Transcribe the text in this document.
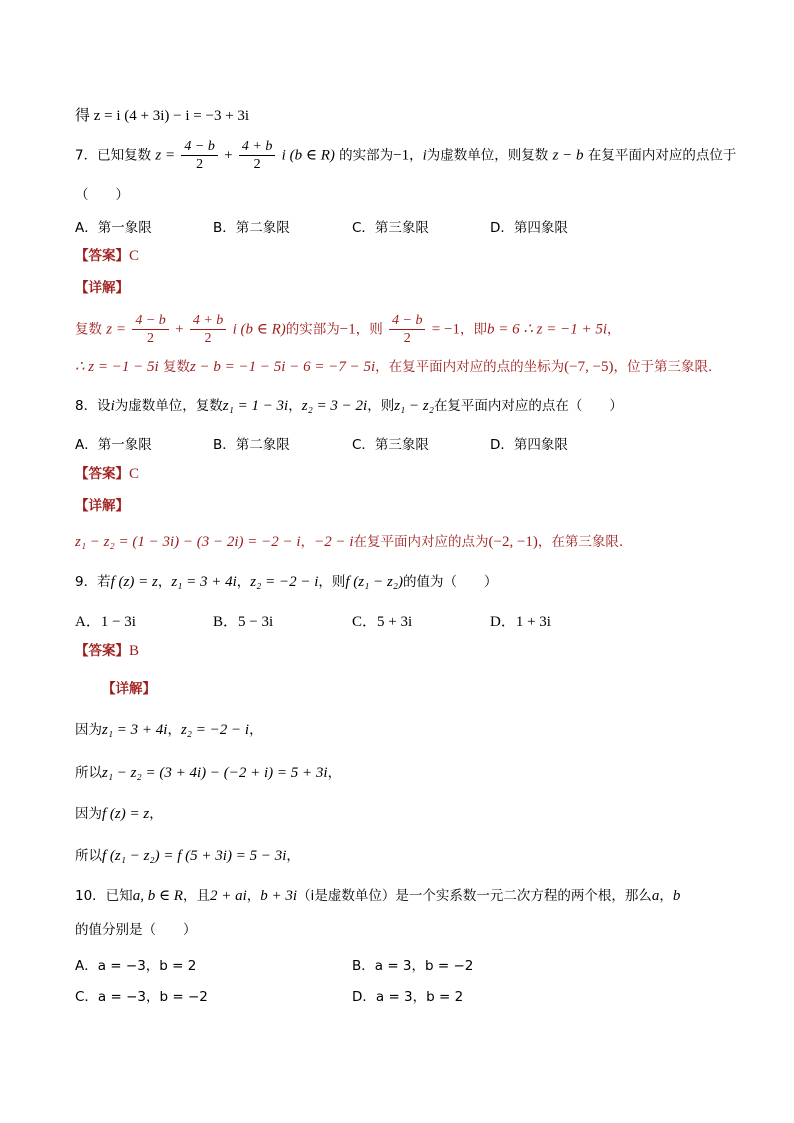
得 z = i (4 + 3i) − i = −3 + 3i
7．已知复数 $z = \frac{4 - b}{2} + \frac{4 + b}{2}$ i (b ∈ R) 的实部为−1，i为虚数单位，则复数 z − b 在复平面内对应的点位于
（　　）
A．第一象限	B．第二象限	C．第三象限	D．第四象限
【答案】C
【详解】
复数 $z = \frac{4 - b}{2} + \frac{4 + b}{2}$ i (b ∈ R)的实部为−1，则 $\frac{4 - b}{2} = -1$，即b = 6 ∴ z = −1 + 5i，
∴ z = −1 − 5i 复数z − b = −1 − 5i − 6 = −7 − 5i，在复平面内对应的点的坐标为(−7, −5)，位于第三象限.
8．设i为虚数单位，复数z₁ = 1 − 3i，z₂ = 3 − 2i，则z₁ − z₂在复平面内对应的点在（　　）
A．第一象限	B．第二象限	C．第三象限	D．第四象限
【答案】C
【详解】
z₁ − z₂ = (1 − 3i) − (3 − 2i) = −2 − i，−2 − i在复平面内对应的点为(−2, −1)，在第三象限.
9．若f (z) = z，z₁ = 3 + 4i，z₂ = −2 − i，则f (z₁ − z₂)的值为（　　）
A．1 − 3i	B．5 − 3i	C．5 + 3i	D．1 + 3i
【答案】B
【详解】
因为z₁ = 3 + 4i，z₂ = −2 − i，
所以z₁ − z₂ = (3 + 4i) − (−2 + i) = 5 + 3i，
因为f (z) = z，
所以f (z₁ − z₂) = f (5 + 3i) = 5 − 3i，
10．已知a, b ∈ R，且2 + ai，b + 3i（i是虚数单位）是一个实系数一元二次方程的两个根，那么a，b
的值分别是（　　）
A．a = −3，b = 2	B．a = 3，b = −2
C．a = −3，b = −2	D．a = 3，b = 2
